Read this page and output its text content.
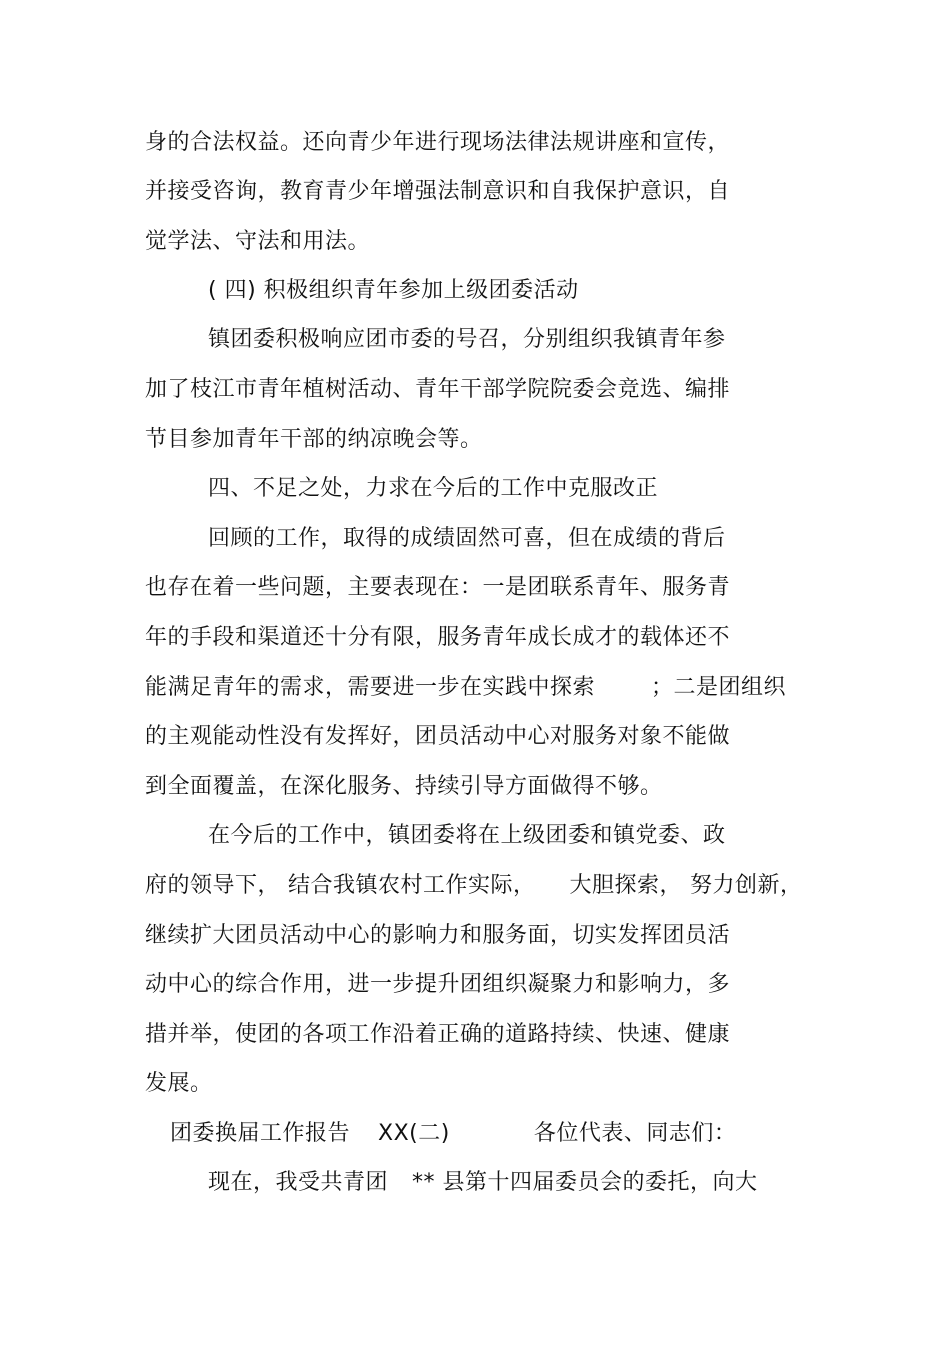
身的合法权益。还向青少年进行现场法律法规讲座和宣传，
并接受咨询，教育青少年增强法制意识和自我保护意识，自
觉学法、守法和用法。
( 四) 积极组织青年参加上级团委活动
镇团委积极响应团市委的号召，分别组织我镇青年参
加了枝江市青年植树活动、青年干部学院院委会竞选、编排
节目参加青年干部的纳凉晚会等。
四、不足之处，力求在今后的工作中克服改正
回顾的工作，取得的成绩固然可喜，但在成绩的背后
也存在着一些问题，主要表现在：一是团联系青年、服务青
年的手段和渠道还十分有限，服务青年成长成才的载体还不
能满足青年的需求，需要进一步在实践中探索	；二是团组织
的主观能动性没有发挥好，团员活动中心对服务对象不能做
到全面覆盖，在深化服务、持续引导方面做得不够。
在今后的工作中，镇团委将在上级团委和镇党委、政
府的领导下， 结合我镇农村工作实际， 大胆探索， 努力创新，
继续扩大团员活动中心的影响力和服务面，切实发挥团员活
动中心的综合作用，进一步提升团组织凝聚力和影响力，多
措并举，使团的各项工作沿着正确的道路持续、快速、健康
发展。
团委换届工作报告 XX(二)	各位代表、同志们：
现在，我受共青团 ** 县第十四届委员会的委托，向大
